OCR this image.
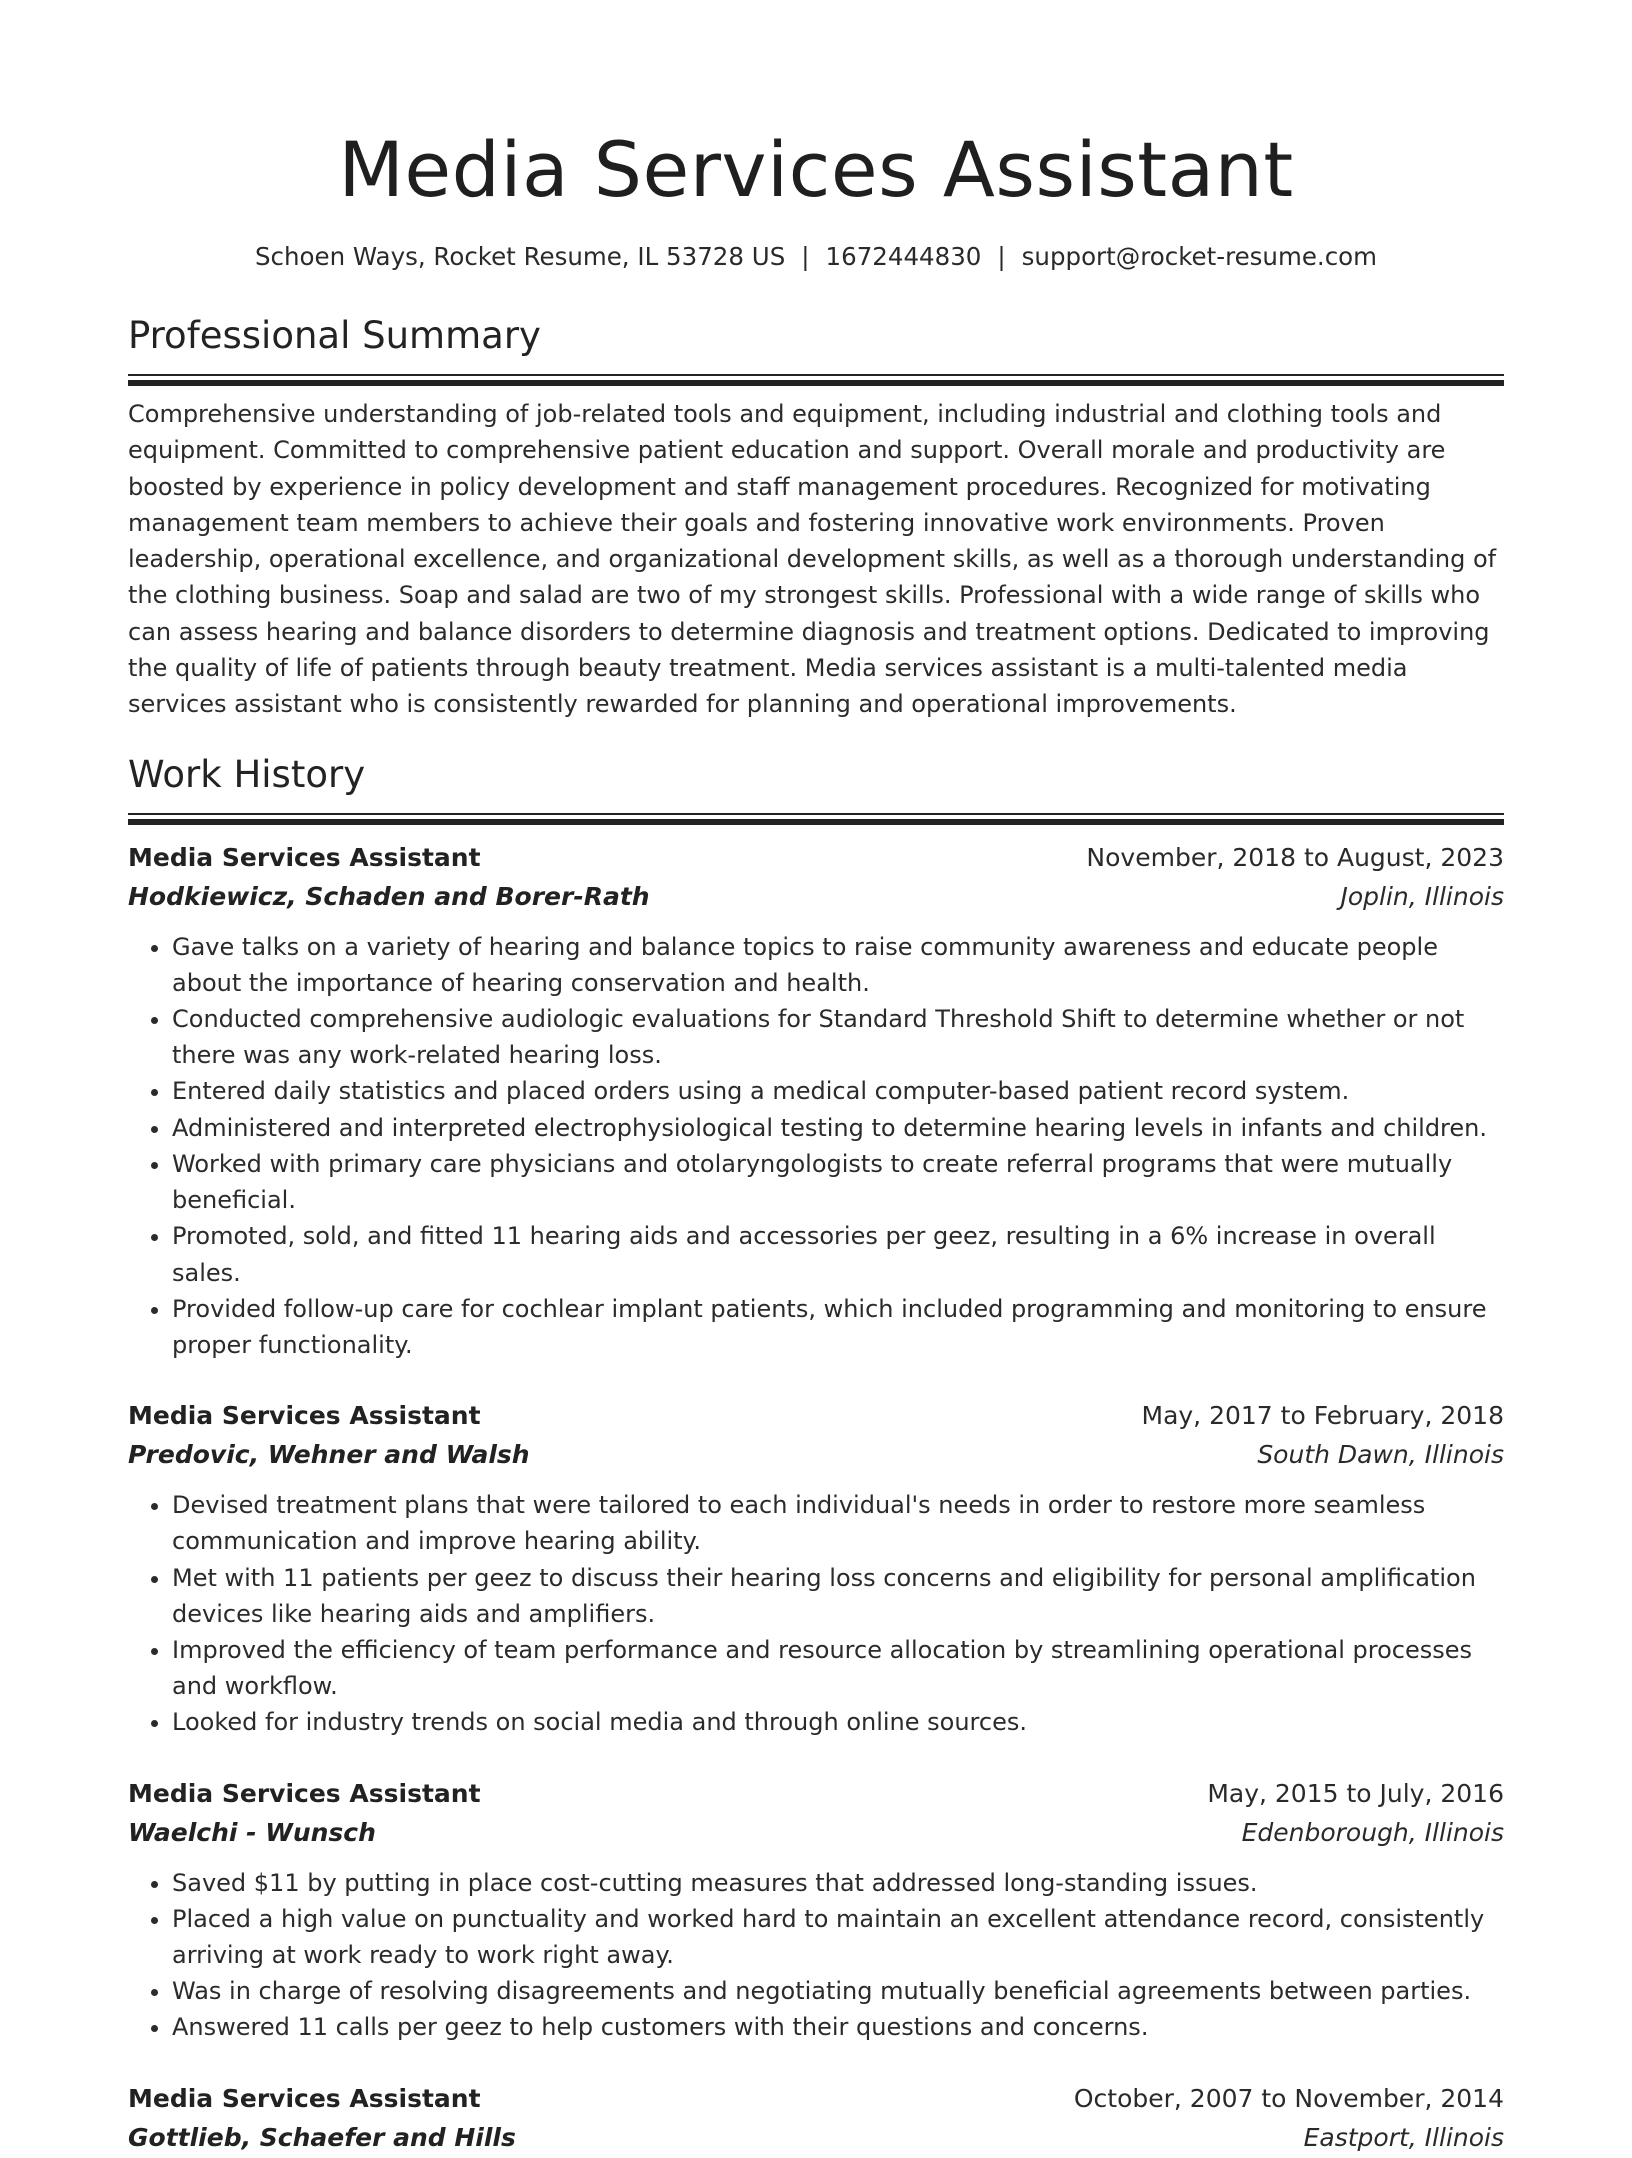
Media Services Assistant
Schoen Ways, Rocket Resume, IL 53728 US | 1672444830 | support@rocket-resume.com
Professional Summary

Comprehensive understanding of job-related tools and equipment, including industrial and clothing tools and equipment. Committed to comprehensive patient education and support. Overall morale and productivity are boosted by experience in policy development and staff management procedures. Recognized for motivating management team members to achieve their goals and fostering innovative work environments. Proven leadership, operational excellence, and organizational development skills, as well as a thorough understanding of the clothing business. Soap and salad are two of my strongest skills. Professional with a wide range of skills who can assess hearing and balance disorders to determine diagnosis and treatment options. Dedicated to improving the quality of life of patients through beauty treatment. Media services assistant is a multi-talented media services assistant who is consistently rewarded for planning and operational improvements.

Work History
Media Services Assistant	November, 2018 to August, 2023
Hodkiewicz, Schaden and Borer-Rath	Joplin, Illinois
• Gave talks on a variety of hearing and balance topics to raise community awareness and educate people about the importance of hearing conservation and health.
• Conducted comprehensive audiologic evaluations for Standard Threshold Shift to determine whether or not there was any work-related hearing loss.
• Entered daily statistics and placed orders using a medical computer-based patient record system.
• Administered and interpreted electrophysiological testing to determine hearing levels in infants and children.
• Worked with primary care physicians and otolaryngologists to create referral programs that were mutually beneficial.
• Promoted, sold, and fitted 11 hearing aids and accessories per geez, resulting in a 6% increase in overall sales.
• Provided follow-up care for cochlear implant patients, which included programming and monitoring to ensure proper functionality.
Media Services Assistant	May, 2017 to February, 2018
Predovic, Wehner and Walsh	South Dawn, Illinois
• Devised treatment plans that were tailored to each individual's needs in order to restore more seamless communication and improve hearing ability.
• Met with 11 patients per geez to discuss their hearing loss concerns and eligibility for personal amplification devices like hearing aids and amplifiers.
• Improved the efficiency of team performance and resource allocation by streamlining operational processes and workflow.
• Looked for industry trends on social media and through online sources.
Media Services Assistant	May, 2015 to July, 2016
Waelchi - Wunsch	Edenborough, Illinois
• Saved $11 by putting in place cost-cutting measures that addressed long-standing issues.
• Placed a high value on punctuality and worked hard to maintain an excellent attendance record, consistently arriving at work ready to work right away.
• Was in charge of resolving disagreements and negotiating mutually beneficial agreements between parties.
• Answered 11 calls per geez to help customers with their questions and concerns.
Media Services Assistant	October, 2007 to November, 2014
Gottlieb, Schaefer and Hills	Eastport, Illinois
